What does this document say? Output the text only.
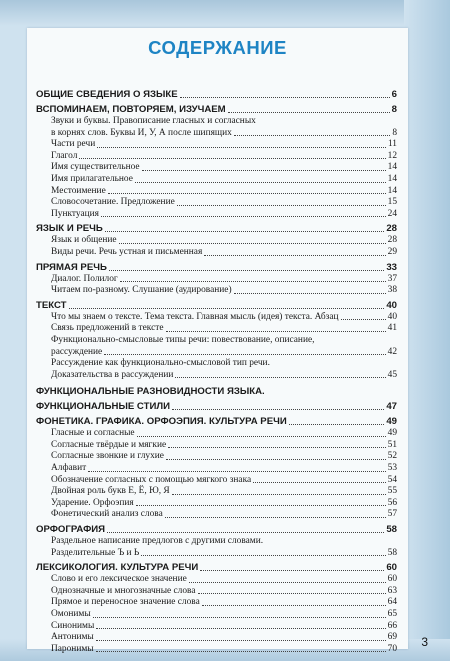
СОДЕРЖАНИЕ
ОБЩИЕ СВЕДЕНИЯ О ЯЗЫКЕ	6
ВСПОМИНАЕМ, ПОВТОРЯЕМ, ИЗУЧАЕМ	8
Звуки и буквы. Правописание гласных и согласных
в корнях слов. Буквы И, У, А после шипящих	8
Части речи	11
Глагол	12
Имя существительное	14
Имя прилагательное	14
Местоимение	14
Словосочетание. Предложение	15
Пунктуация	24
ЯЗЫК И РЕЧЬ	28
Язык и общение	28
Виды речи. Речь устная и письменная	29
ПРЯМАЯ РЕЧЬ	33
Диалог. Полилог	37
Читаем по-разному. Слушание (аудирование)	38
ТЕКСТ	40
Что мы знаем о тексте. Тема текста. Главная мысль (идея) текста. Абзац	40
Связь предложений в тексте	41
Функционально-смысловые типы речи: повествование, описание,
рассуждение	42
Рассуждение как функционально-смысловой тип речи.
Доказательства в рассуждении	45
ФУНКЦИОНАЛЬНЫЕ РАЗНОВИДНОСТИ ЯЗЫКА.
ФУНКЦИОНАЛЬНЫЕ СТИЛИ	47
ФОНЕТИКА. ГРАФИКА. ОРФОЭПИЯ. КУЛЬТУРА РЕЧИ	49
Гласные и согласные	49
Согласные твёрдые и мягкие	51
Согласные звонкие и глухие	52
Алфавит	53
Обозначение согласных с помощью мягкого знака	54
Двойная роль букв Е, Ё, Ю, Я	55
Ударение. Орфоэпия	56
Фонетический анализ слова	57
ОРФОГРАФИЯ	58
Раздельное написание предлогов с другими словами.
Разделительные Ъ и Ь	58
ЛЕКСИКОЛОГИЯ. КУЛЬТУРА РЕЧИ	60
Слово и его лексическое значение	60
Однозначные и многозначные слова	63
Прямое и переносное значение слова	64
Омонимы	65
Синонимы	66
Антонимы	69
Паронимы	70 3
